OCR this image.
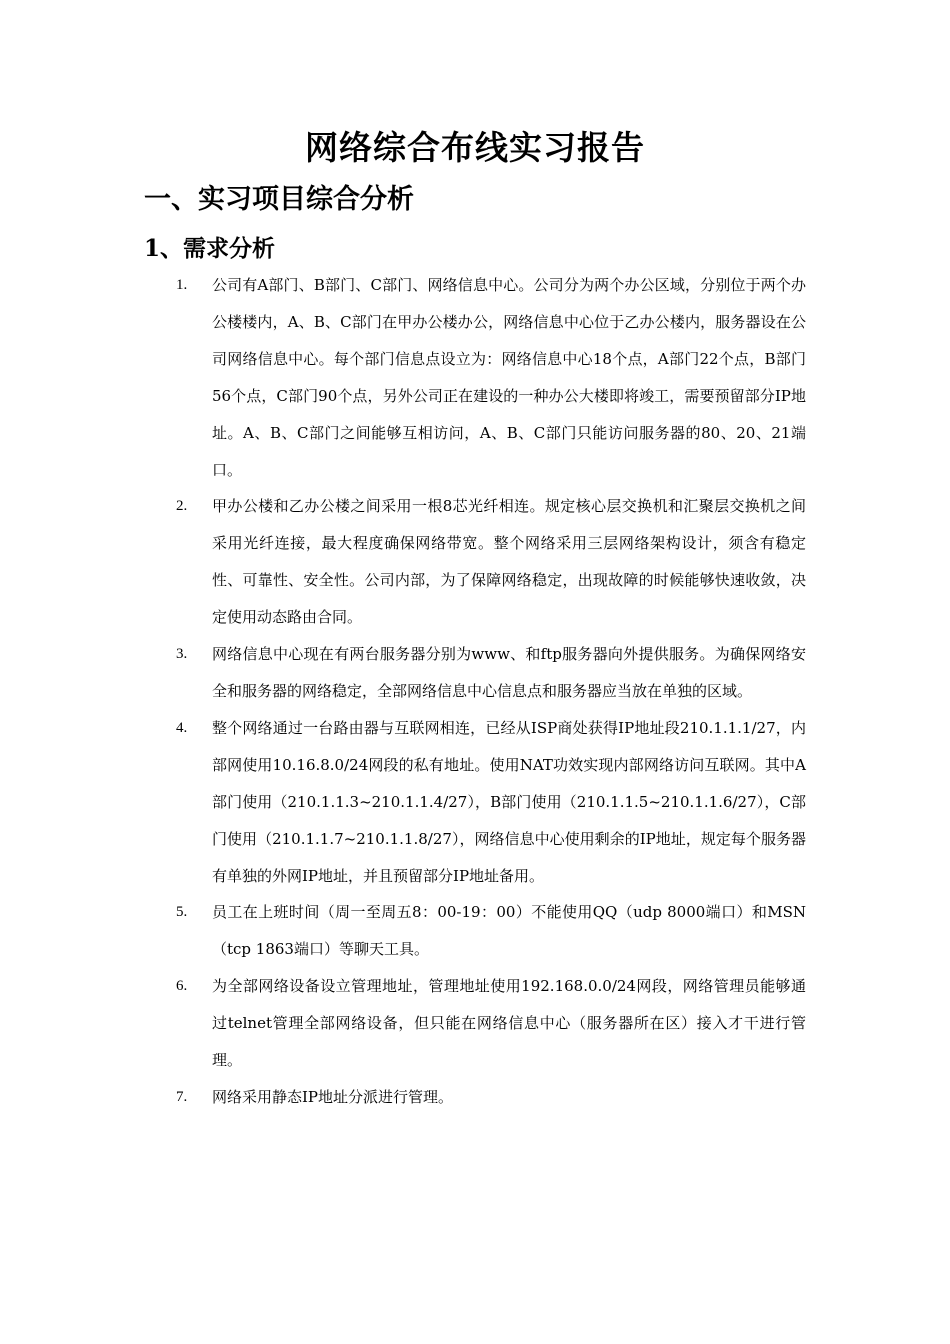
网络综合布线实习报告
一、实习项目综合分析
1、需求分析
1. 公司有A部门、B部门、C部门、网络信息中心。公司分为两个办公区域，分别位于两个办公楼楼内，A、B、C部门在甲办公楼办公，网络信息中心位于乙办公楼内，服务器设在公司网络信息中心。每个部门信息点设立为：网络信息中心18个点，A部门22个点，B部门56个点，C部门90个点，另外公司正在建设的一种办公大楼即将竣工，需要预留部分IP地址。A、B、C部门之间能够互相访问，A、B、C部门只能访问服务器的80、20、21端口。
2. 甲办公楼和乙办公楼之间采用一根8芯光纤相连。规定核心层交换机和汇聚层交换机之间采用光纤连接，最大程度确保网络带宽。整个网络采用三层网络架构设计，须含有稳定性、可靠性、安全性。公司内部，为了保障网络稳定，出现故障的时候能够快速收敛，决定使用动态路由合同。
3. 网络信息中心现在有两台服务器分别为www、和ftp服务器向外提供服务。为确保网络安全和服务器的网络稳定，全部网络信息中心信息点和服务器应当放在单独的区域。
4. 整个网络通过一台路由器与互联网相连，已经从ISP商处获得IP地址段210.1.1.1/27，内部网使用10.16.8.0/24网段的私有地址。使用NAT功效实现内部网络访问互联网。其中A部门使用（210.1.1.3~210.1.1.4/27），B部门使用（210.1.1.5~210.1.1.6/27），C部门使用（210.1.1.7~210.1.1.8/27），网络信息中心使用剩余的IP地址，规定每个服务器有单独的外网IP地址，并且预留部分IP地址备用。
5. 员工在上班时间（周一至周五8：00-19：00）不能使用QQ（udp 8000端口）和MSN（tcp 1863端口）等聊天工具。
6. 为全部网络设备设立管理地址，管理地址使用192.168.0.0/24网段，网络管理员能够通过telnet管理全部网络设备，但只能在网络信息中心（服务器所在区）接入才干进行管理。
7. 网络采用静态IP地址分派进行管理。
